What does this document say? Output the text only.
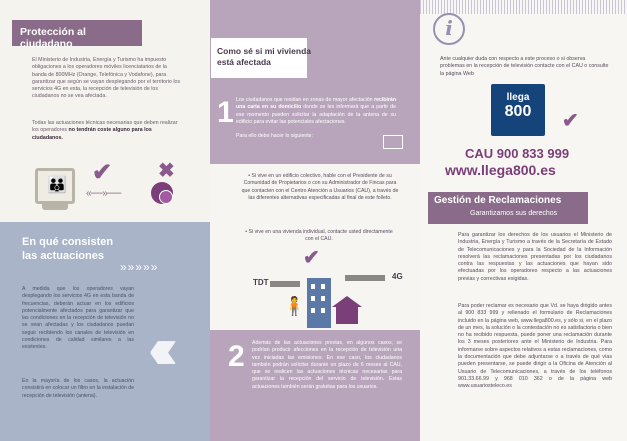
Protección al ciudadano
El Ministerio de Industria, Energía y Turismo ha impuesto obligaciones a los operadores móviles licenciatarios de la banda de 800MHz (Orange, Telefónica y Vodafone), para garantizar que según se vayan desplegando por el territorio los servicios 4G en esta, la recepción de televisión de los ciudadanos no se vea afectada.
Todas las actuaciones técnicas necesarias que deben realizar los operadores no tendrán coste alguno para los ciudadanos.
👪 ✔
«-----»------
✖
En qué consisten
las actuaciones
»»»»»
A medida que los operadores vayan desplegando los servicios 4G en esta banda de frecuencias, deberán actuar en los edificios potencialmente afectados para garantizar que las condiciones en la recepción de televisión no se vean afectadas y los ciudadanos puedan seguir recibiendo los canales de televisión en condiciones de calidad similares a las existentes.
En la mayoría de los casos, la actuación consistirá en colocar un filtro en la instalación de recepción de televisión (antena).
‹‹‹
Como sé si mi vivienda
está afectada
1 Los ciudadanos que residan en zonas de mayor afectación recibirán una carta en su domicilio donde se les informará que a partir de ese momento pueden solicitar la adaptación de la antena de su edificio para evitar las potenciales afectaciones.

Para ello debe hacer lo siguiente:
• Si vive en un edificio colectivo, hable con el Presidente de su Comunidad de Propietarios o con su Administrador de Fincas para que contacten con el Centro Atención a Usuarios (CAU), a través de las diferentes alternativas especificadas al final de este folleto.
• Si vive en una vivienda individual, contacte usted directamente con el CAU.
✔
TDT
4G
🧍
2 Además de las actuaciones previas, en algunos casos, se podrían producir afecciones en la recepción de televisión una vez iniciadas las emisiones. En ese caso, los ciudadanos también podrán solicitar durante un plazo de 6 meses al CAU, que se realicen las actuaciones técnicas necesarias para garantizar la recepción del servicio de televisión. Estas actuaciones también serán gratuitas para los usuarios.
i
Ante cualquier duda con respecto a este proceso o si observa problemas en la recepción de televisión contacte con el CAU o consulte la página Web
llega
800	✔
CAU 900 833 999
www.llega800.es
Gestión de Reclamaciones
Garantizamos sus derechos
Para garantizar los derechos de los usuarios el Ministerio de Industria, Energía y Turismo a través de la Secretaría de Estado de Telecomunicaciones y para la Sociedad de la Información resolverá las reclamaciones presentadas por los ciudadanos contra las respuestas y las actuaciones que hayan sido efectuadas por los operadores respecto a las actuaciones previas y correctivas exigidas.
Para poder reclamar es necesario que Vd. se haya dirigido antes al 900 833 999 y rellenado el formulario de Reclamaciones incluido en la página web, www.llega800.es, y sólo si, en el plazo de un mes, la solución o la contestación no es satisfactoria o bien no ha recibido respuesta, puede poner una reclamación durante los 3 meses posteriores ante el Ministerio de Industria. Para informarse sobre aspectos relativos a estas reclamaciones, como la documentación que debe adjuntarse o a través de qué vías pueden presentarse, se puede dirigir a la Oficina de Atención al Usuario de Telecomunicaciones, a través de los teléfonos 901.33.66.99 y 968 010 362 o de la página web www.usuariosteleco.es
